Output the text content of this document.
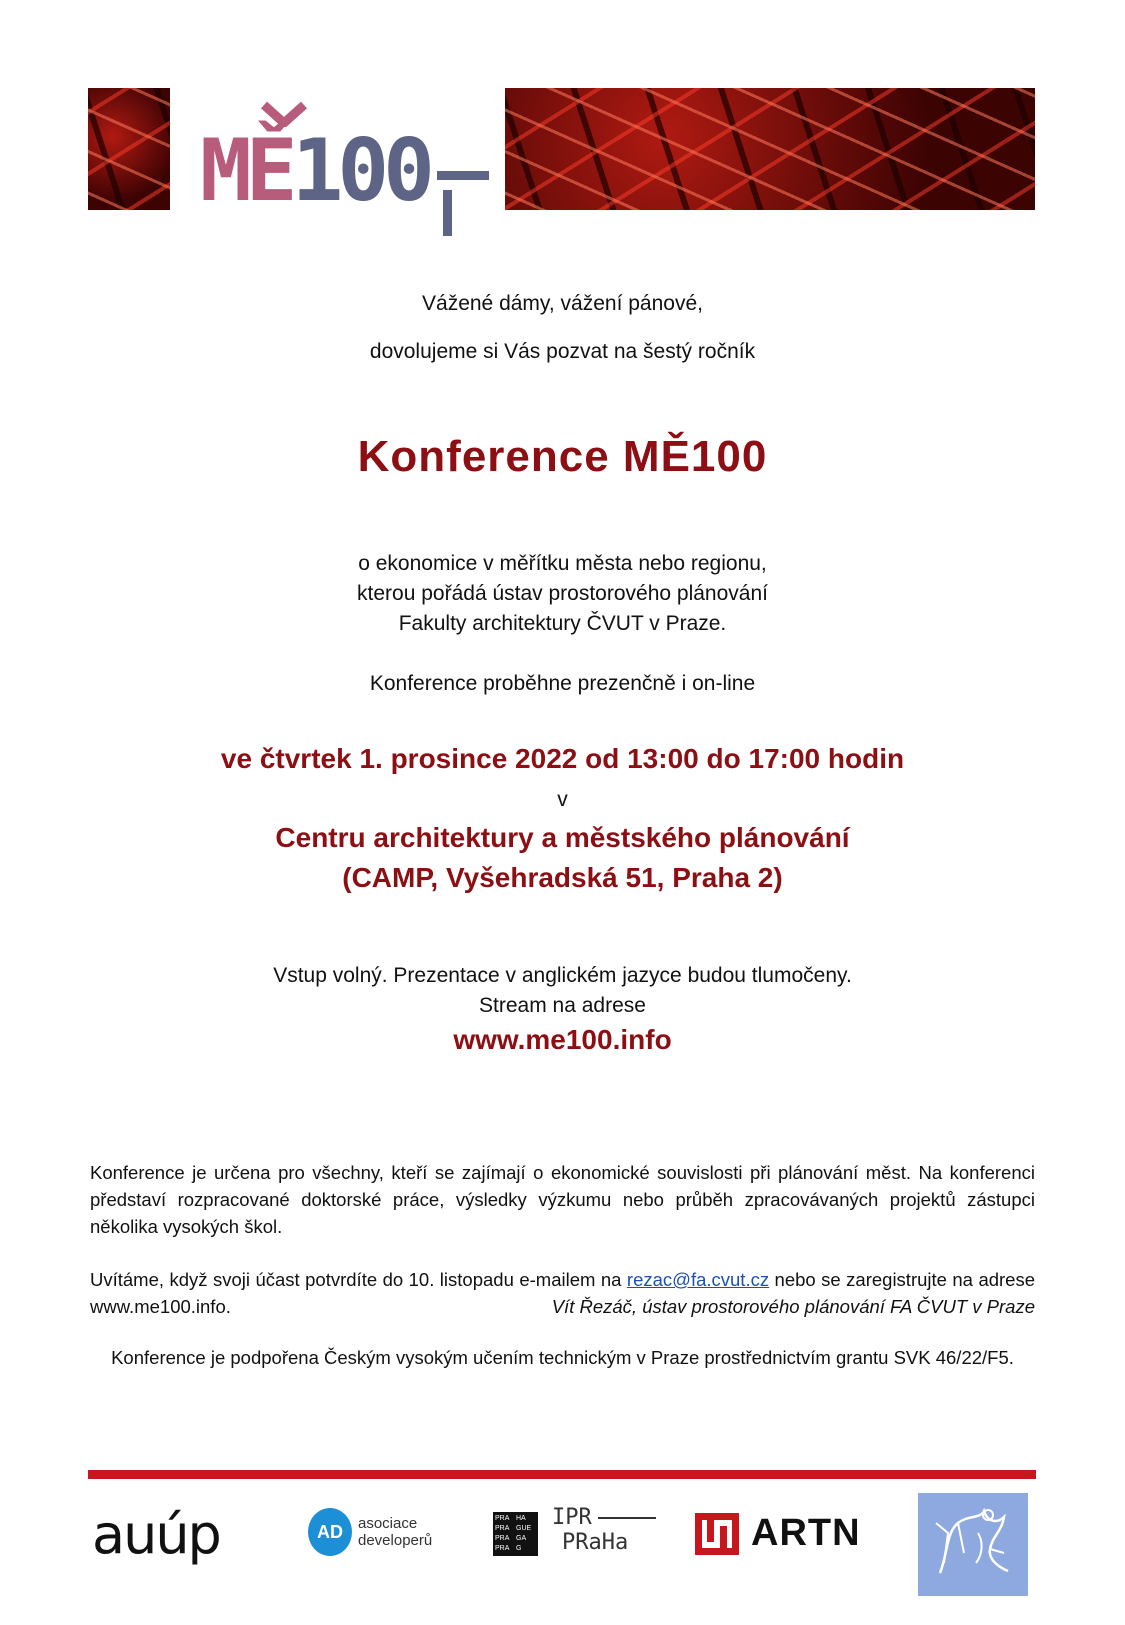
MĚ100
Vážené dámy, vážení pánové,
dovolujeme si Vás pozvat na šestý ročník
Konference MĚ100
o ekonomice v měřítku města nebo regionu,
kterou pořádá ústav prostorového plánování
Fakulty architektury ČVUT v Praze.
Konference proběhne prezenčně i on-line
ve čtvrtek 1. prosince 2022 od 13:00 do 17:00 hodin
v
Centru architektury a městského plánování
(CAMP, Vyšehradská 51, Praha 2)
Vstup volný. Prezentace v anglickém jazyce budou tlumočeny.
Stream na adrese
www.me100.info
Konference je určena pro všechny, kteří se zajímají o ekonomické souvislosti při plánování měst. Na konferenci představí rozpracované doktorské práce, výsledky výzkumu nebo průběh zpracovávaných projektů zástupci několika vysokých škol.
Uvítáme, když svoji účast potvrdíte do 10. listopadu e-mailem na rezac@fa.cvut.cz nebo se zaregistrujte na adrese www.me100.info.	Vít Řezáč, ústav prostorového plánování FA ČVUT v Praze
Konference je podpořena Českým vysokým učením technickým v Praze prostřednictvím grantu SVK 46/22/F5.
auúp	AD asociace
developerů
PRA HA
PRA GUE
PRA GA
PRA G
IPR
PRaHa	ARTN
